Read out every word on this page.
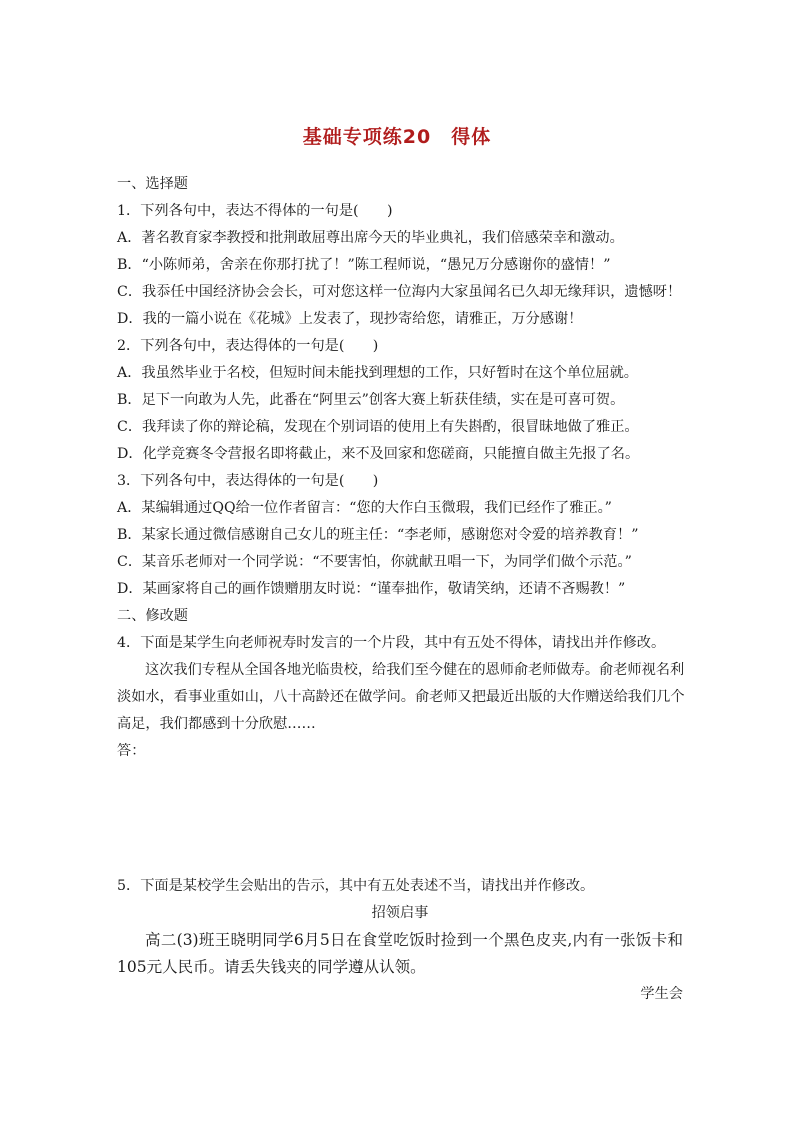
基础专项练20　得体
一、选择题
1．下列各句中，表达不得体的一句是(　　)
A．著名教育家李教授和批荆敢屈尊出席今天的毕业典礼，我们倍感荣幸和激动。
B．“小陈师弟，舍亲在你那打扰了！”陈工程师说，“愚兄万分感谢你的盛情！”
C．我忝任中国经济协会会长，可对您这样一位海内大家虽闻名已久却无缘拜识，遗憾呀！
D．我的一篇小说在《花城》上发表了，现抄寄给您，请雅正，万分感谢！
2．下列各句中，表达得体的一句是(　　)
A．我虽然毕业于名校，但短时间未能找到理想的工作，只好暂时在这个单位屈就。
B．足下一向敢为人先，此番在“阿里云”创客大赛上斩获佳绩，实在是可喜可贺。
C．我拜读了你的辩论稿，发现在个别词语的使用上有失斟酌，很冒昧地做了雅正。
D．化学竞赛冬令营报名即将截止，来不及回家和您磋商，只能擅自做主先报了名。
3．下列各句中，表达得体的一句是(　　)
A．某编辑通过QQ给一位作者留言：“您的大作白玉微瑕，我们已经作了雅正。”
B．某家长通过微信感谢自己女儿的班主任：“李老师，感谢您对令爱的培养教育！”
C．某音乐老师对一个同学说：“不要害怕，你就献丑唱一下，为同学们做个示范。”
D．某画家将自己的画作馈赠朋友时说：“谨奉拙作，敬请笑纳，还请不吝赐教！”
二、修改题
4．下面是某学生向老师祝寿时发言的一个片段，其中有五处不得体，请找出并作修改。
这次我们专程从全国各地光临贵校，给我们至今健在的恩师俞老师做寿。俞老师视名利
淡如水，看事业重如山，八十高龄还在做学问。俞老师又把最近出版的大作赠送给我们几个
高足，我们都感到十分欣慰……
答：
5．下面是某校学生会贴出的告示，其中有五处表述不当，请找出并作修改。
招领启事
高二(3)班王晓明同学6月5日在食堂吃饭时捡到一个黑色皮夹,内有一张饭卡和105元人民币。请丢失钱夹的同学遵从认领。
学生会
